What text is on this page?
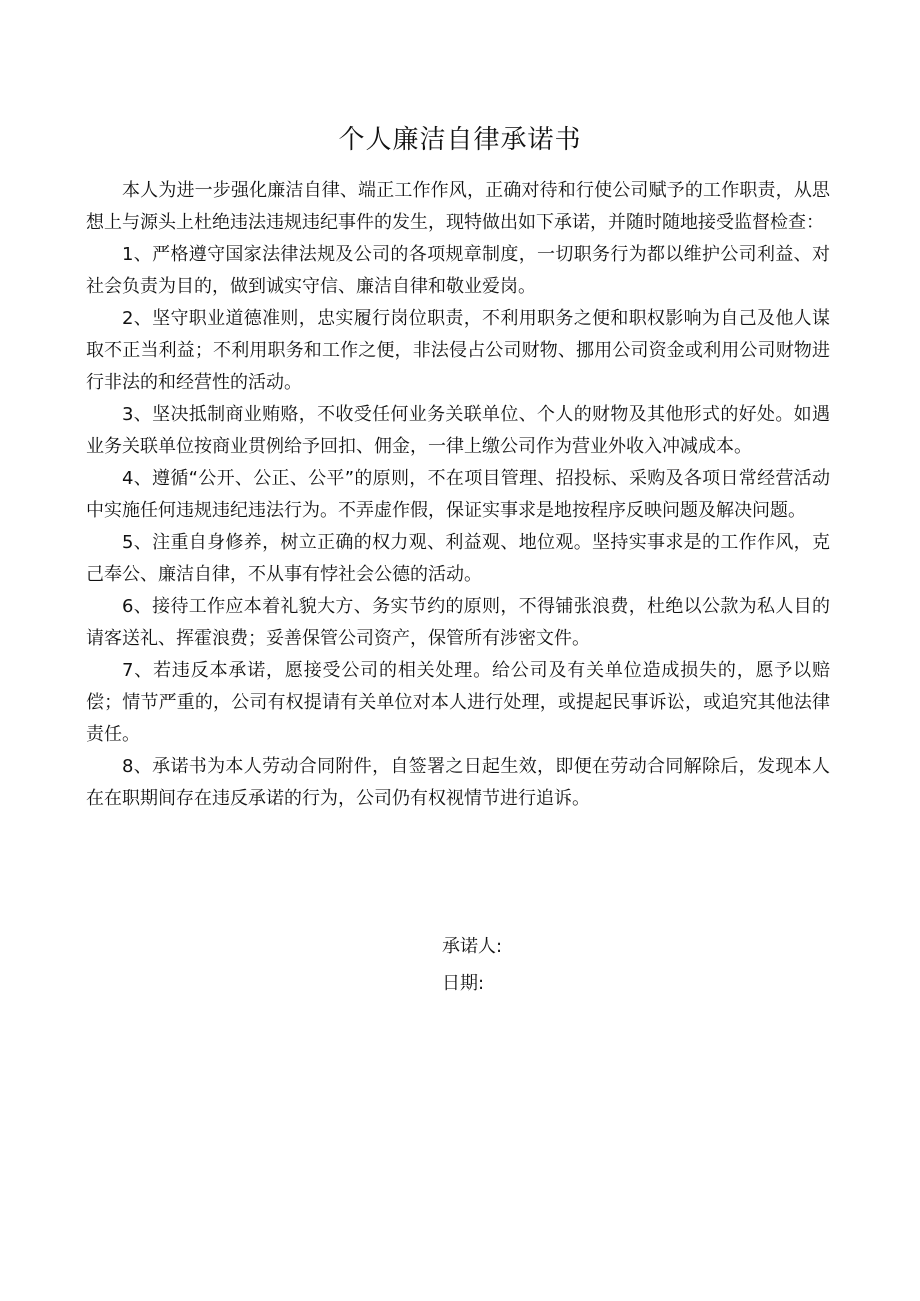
个人廉洁自律承诺书

本人为进一步强化廉洁自律、端正工作作风，正确对待和行使公司赋予的工作职责，从思想上与源头上杜绝违法违规违纪事件的发生，现特做出如下承诺，并随时随地接受监督检查：

1、严格遵守国家法律法规及公司的各项规章制度，一切职务行为都以维护公司利益、对社会负责为目的，做到诚实守信、廉洁自律和敬业爱岗。

2、坚守职业道德准则，忠实履行岗位职责，不利用职务之便和职权影响为自己及他人谋取不正当利益；不利用职务和工作之便，非法侵占公司财物、挪用公司资金或利用公司财物进行非法的和经营性的活动。

3、坚决抵制商业贿赂，不收受任何业务关联单位、个人的财物及其他形式的好处。如遇业务关联单位按商业贯例给予回扣、佣金，一律上缴公司作为营业外收入冲减成本。

4、遵循“公开、公正、公平”的原则，不在项目管理、招投标、采购及各项日常经营活动中实施任何违规违纪违法行为。不弄虚作假，保证实事求是地按程序反映问题及解决问题。

5、注重自身修养，树立正确的权力观、利益观、地位观。坚持实事求是的工作作风，克己奉公、廉洁自律，不从事有悖社会公德的活动。

6、接待工作应本着礼貌大方、务实节约的原则，不得铺张浪费，杜绝以公款为私人目的请客送礼、挥霍浪费；妥善保管公司资产，保管所有涉密文件。

7、若违反本承诺，愿接受公司的相关处理。给公司及有关单位造成损失的，愿予以赔偿；情节严重的，公司有权提请有关单位对本人进行处理，或提起民事诉讼，或追究其他法律责任。

8、承诺书为本人劳动合同附件，自签署之日起生效，即便在劳动合同解除后，发现本人在在职期间存在违反承诺的行为，公司仍有权视情节进行追诉。

承诺人:
日期:
